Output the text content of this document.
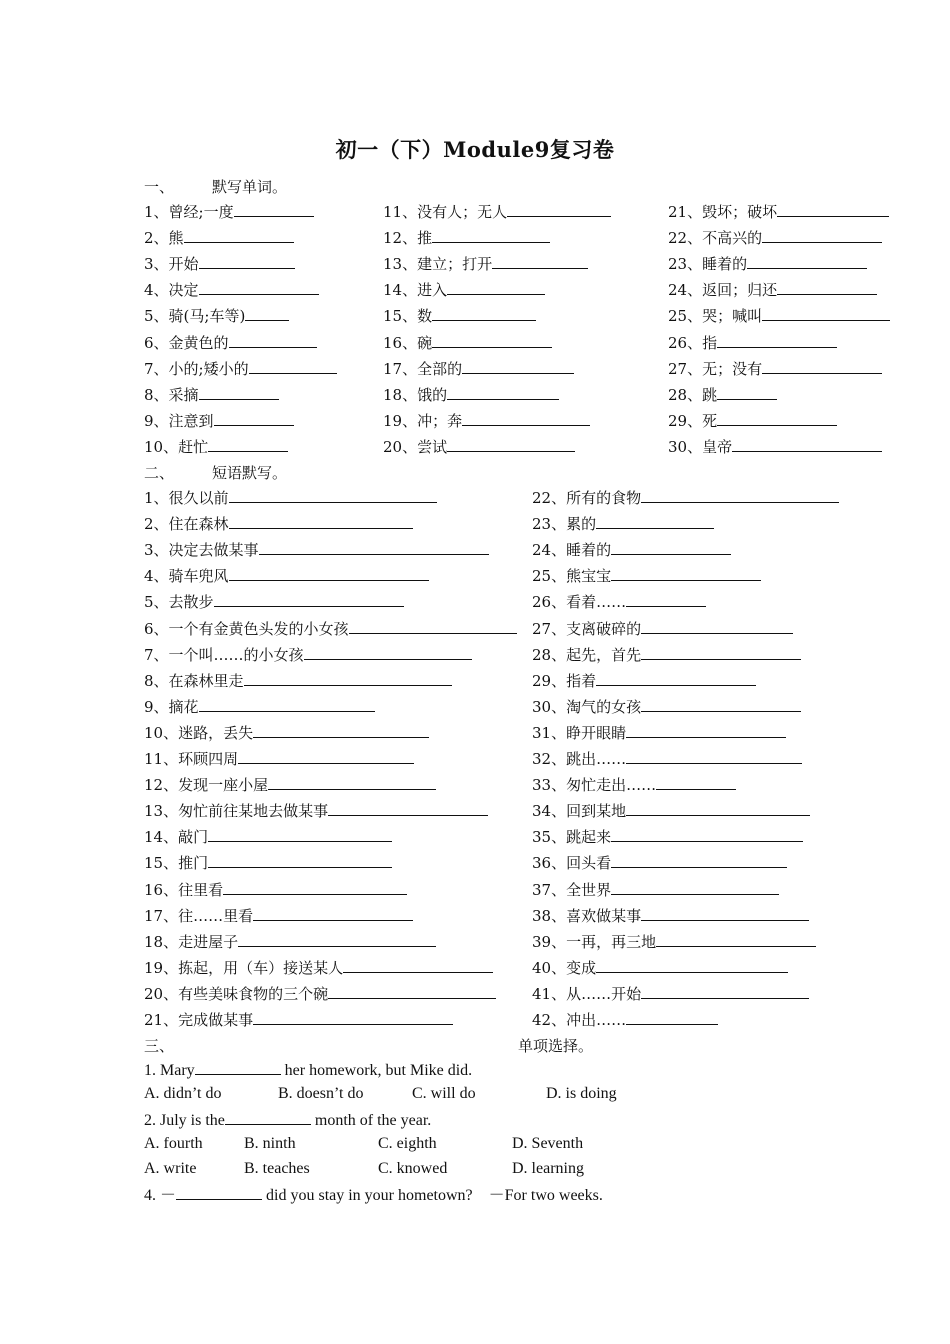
初一（下）Module9复习卷
一、	默写单词。
1、曾经;一度
2、熊
3、开始
4、决定
5、骑(马;车等)
6、金黄色的
7、小的;矮小的
8、采摘
9、注意到
10、赶忙
11、没有人；无人
12、推
13、建立；打开
14、进入
15、数
16、碗
17、全部的
18、饿的
19、冲；奔
20、尝试
21、毁坏；破坏
22、不高兴的
23、睡着的
24、返回；归还
25、哭；喊叫
26、指
27、无；没有
28、跳
29、死
30、皇帝
二、	短语默写。
1、很久以前
2、住在森林
3、决定去做某事
4、骑车兜风
5、去散步
6、一个有金黄色头发的小女孩
7、一个叫……的小女孩
8、在森林里走
9、摘花
10、迷路，丢失
11、环顾四周
12、发现一座小屋
13、匆忙前往某地去做某事
14、敲门
15、推门
16、往里看
17、往……里看
18、走进屋子
19、拣起，用（车）接送某人
20、有些美味食物的三个碗
21、完成做某事
22、所有的食物
23、累的
24、睡着的
25、熊宝宝
26、看着……
27、支离破碎的
28、起先，首先
29、指着
30、淘气的女孩
31、睁开眼睛
32、跳出……
33、匆忙走出……
34、回到某地
35、跳起来
36、回头看
37、全世界
38、喜欢做某事
39、一再，再三地
40、变成
41、从……开始
42、冲出……
三、	单项选择。
1. Mary	her homework, but Mike did.
A. didn’t do	B. doesn’t do	C. will do	D. is doing
2. July is the	month of the year.
A. fourth	B. ninth	C. eighth	D. Seventh
A. write	B. teaches	C. knowed	D. learning
4. －	did you stay in your hometown?　－For two weeks.
